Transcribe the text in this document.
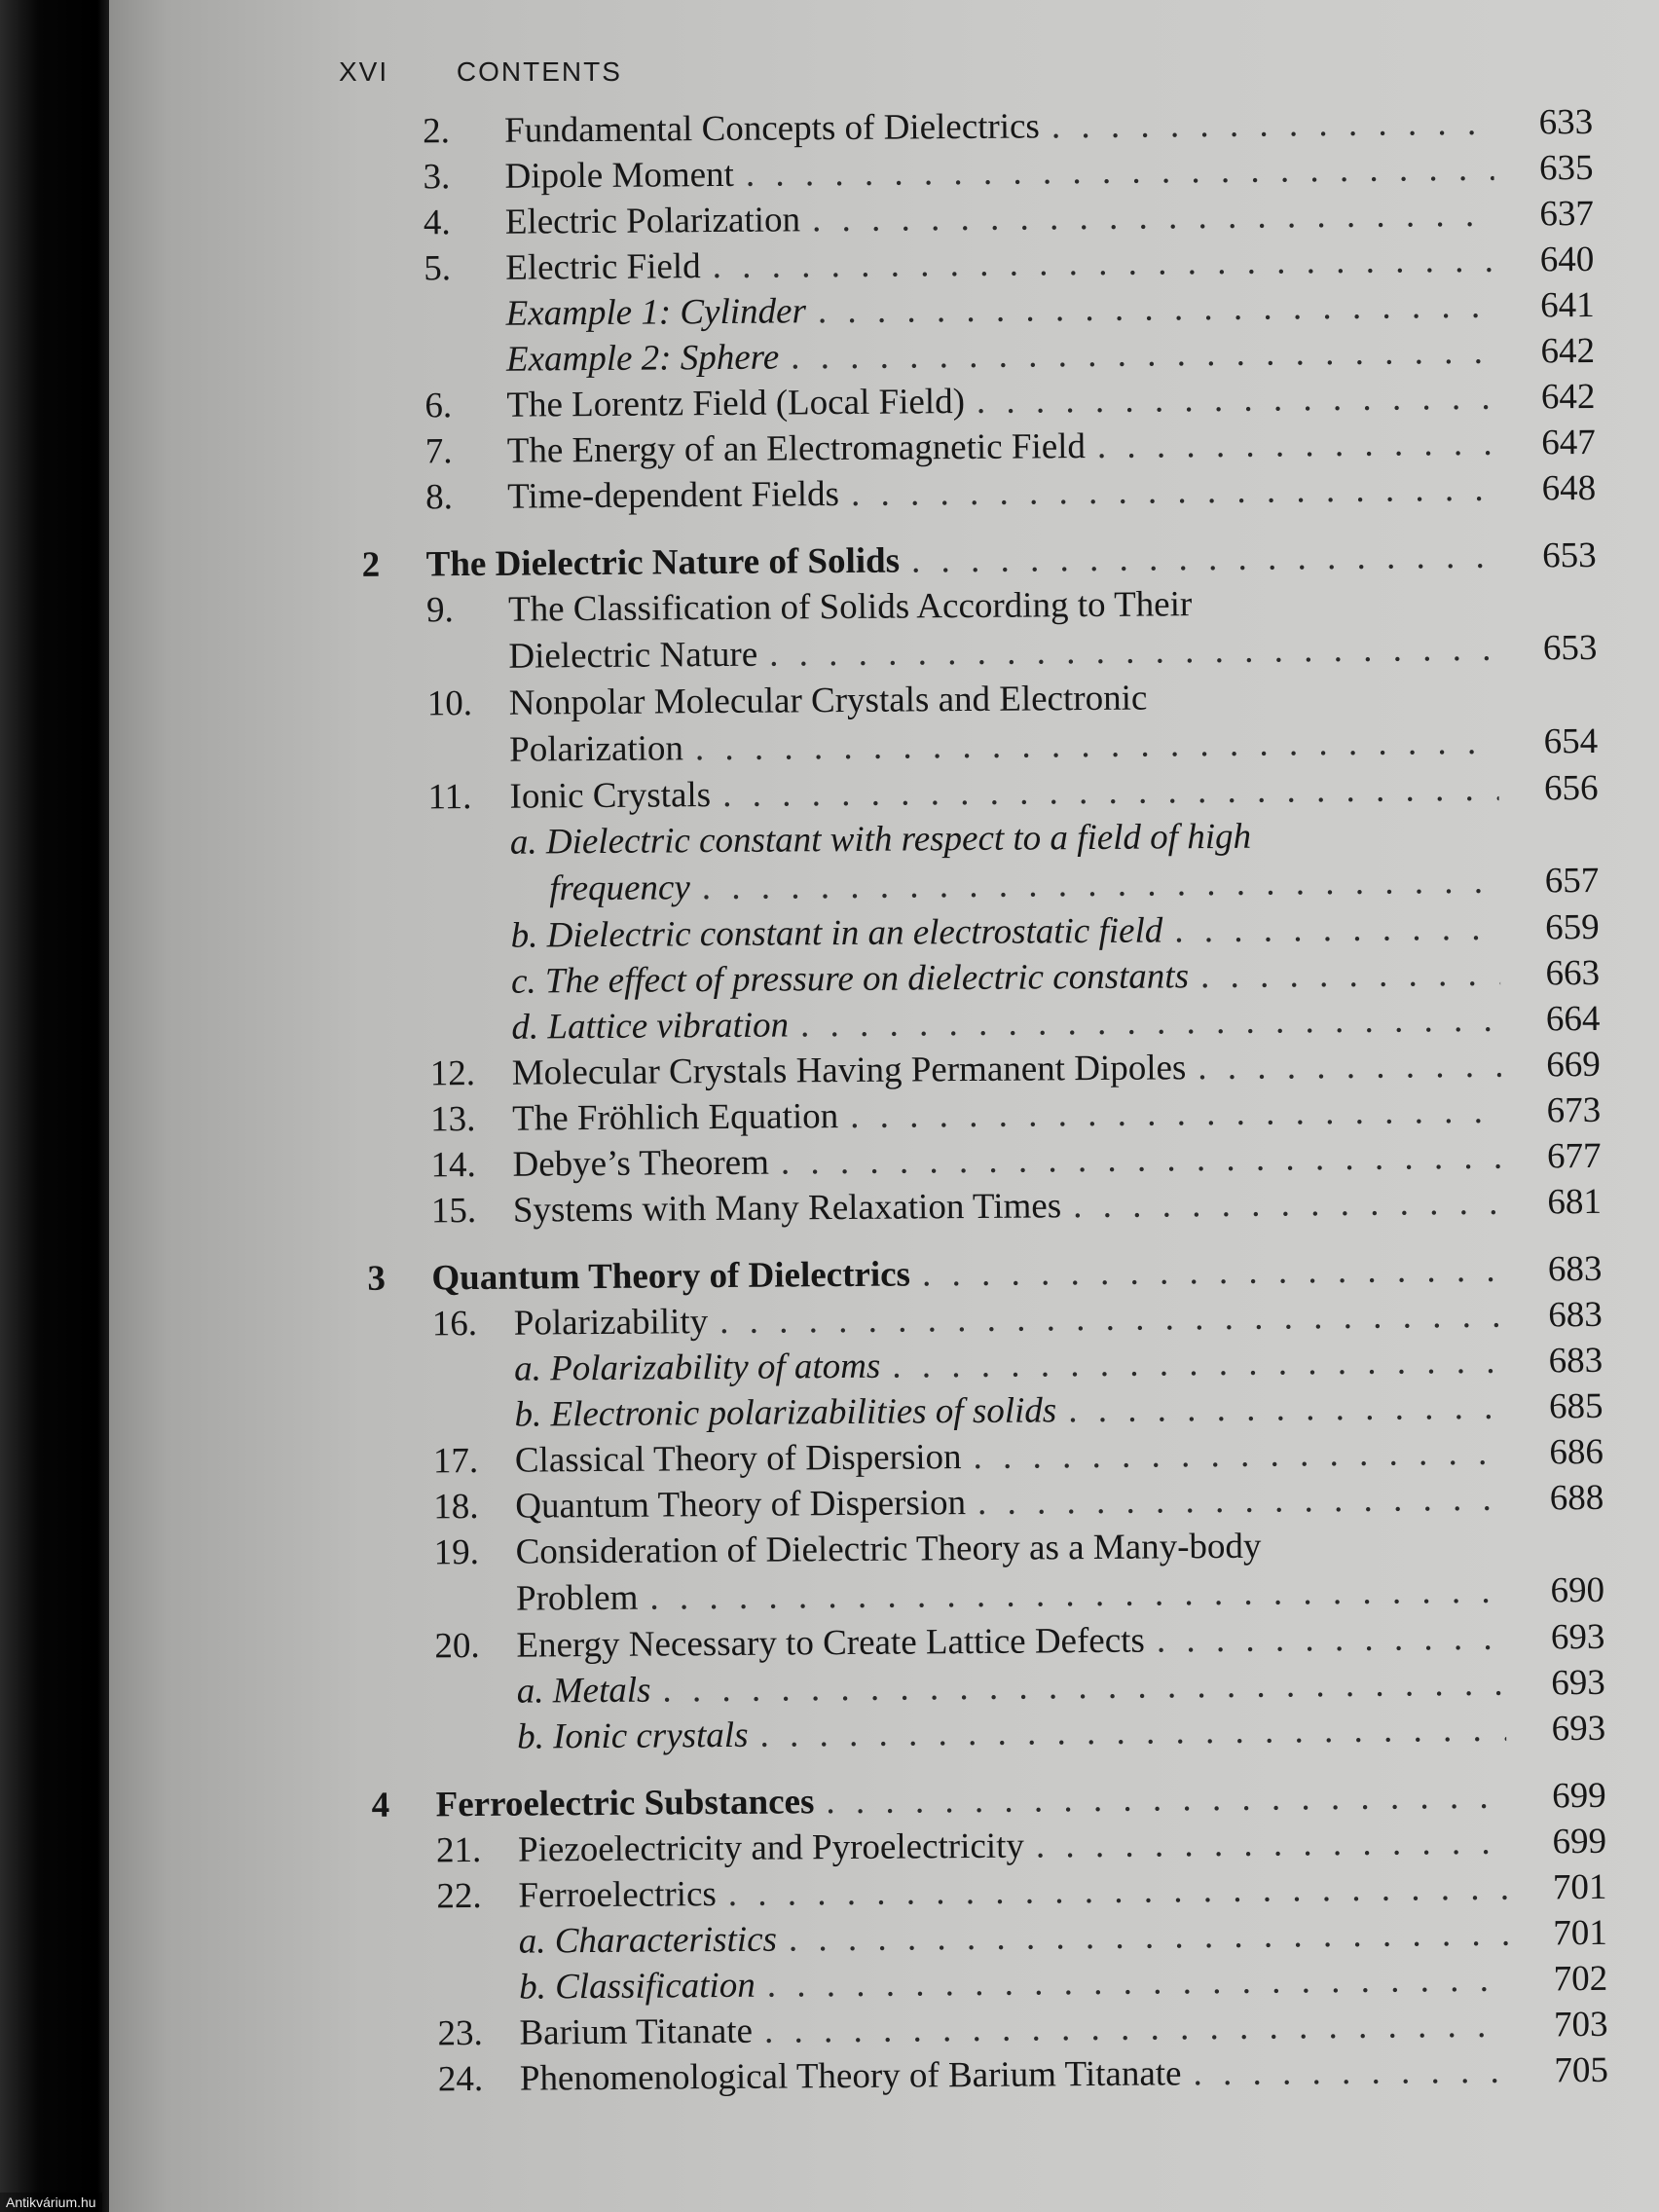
XVI CONTENTS
2. Fundamental Concepts of Dielectrics . . .	633
3. Dipole Moment . . .	635
4. Electric Polarization . . .	637
5. Electric Field . . .	640
Example 1: Cylinder . . .	641
Example 2: Sphere . . .	642
6. The Lorentz Field (Local Field) . . .	642
7. The Energy of an Electromagnetic Field . . .	647
8. Time-dependent Fields . . .	648
2 The Dielectric Nature of Solids . . .	653
9. The Classification of Solids According to Their
Dielectric Nature . . .	653
10. Nonpolar Molecular Crystals and Electronic
Polarization . . .	654
11. Ionic Crystals . . .	656
a. Dielectric constant with respect to a field of high
frequency . . .	657
b. Dielectric constant in an electrostatic field . . .	659
c. The effect of pressure on dielectric constants . . .	663
d. Lattice vibration . . .	664
12. Molecular Crystals Having Permanent Dipoles . . .	669
13. The Fröhlich Equation . . .	673
14. Debye’s Theorem . . .	677
15. Systems with Many Relaxation Times . . .	681
3 Quantum Theory of Dielectrics . . .	683
16. Polarizability . . .	683
a. Polarizability of atoms . . .	683
b. Electronic polarizabilities of solids . . .	685
17. Classical Theory of Dispersion . . .	686
18. Quantum Theory of Dispersion . . .	688
19. Consideration of Dielectric Theory as a Many-body
Problem . . .	690
20. Energy Necessary to Create Lattice Defects . . .	693
a. Metals . . .	693
b. Ionic crystals . . .	693
4 Ferroelectric Substances . . .	699
21. Piezoelectricity and Pyroelectricity . . .	699
22. Ferroelectrics . . .	701
a. Characteristics . . .	701
b. Classification . . .	702
23. Barium Titanate . . .	703
24. Phenomenological Theory of Barium Titanate . . .	705
Antikvárium.hu
